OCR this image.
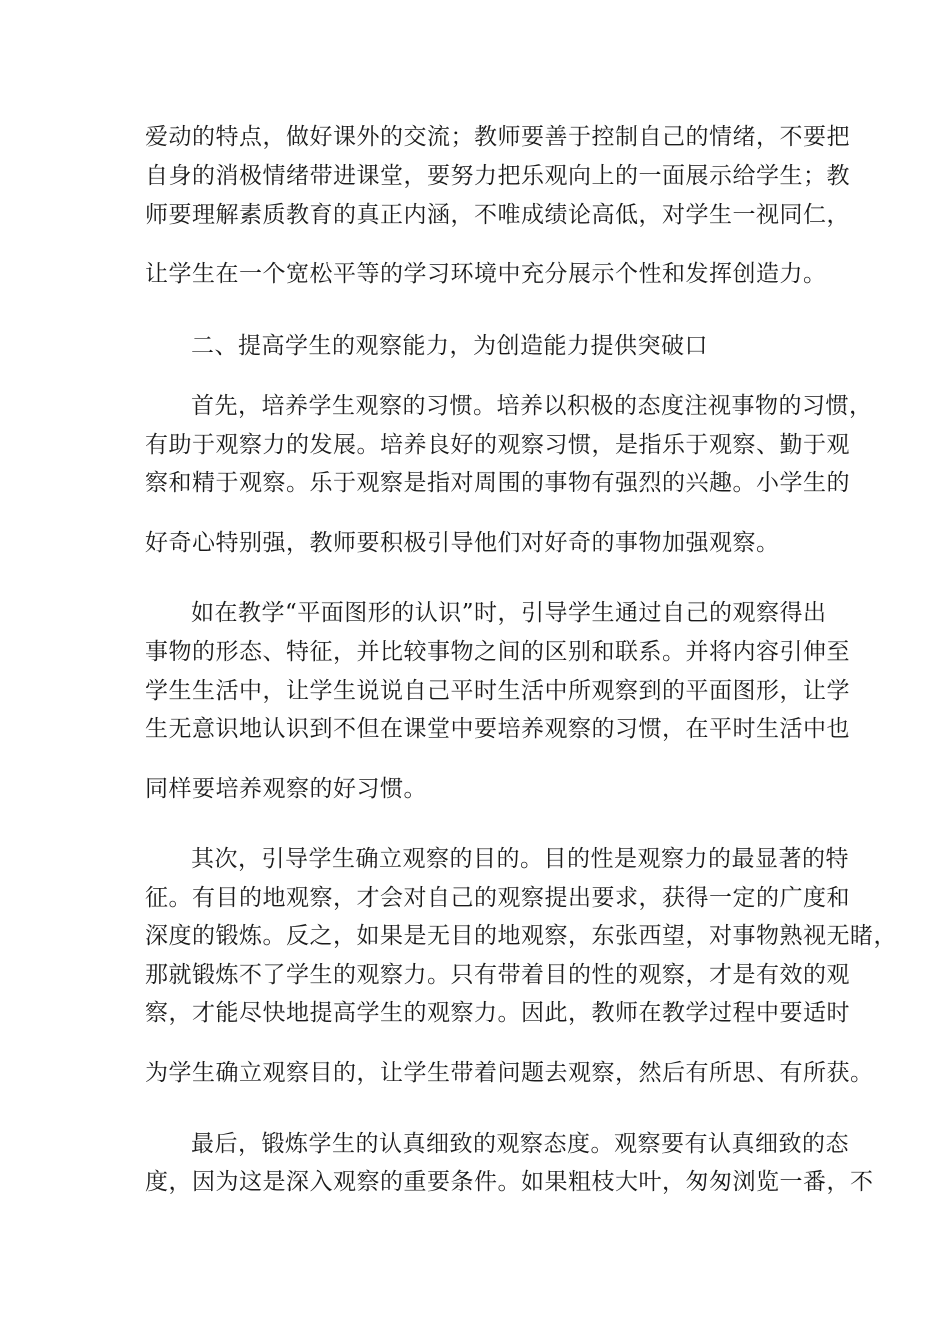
爱动的特点，做好课外的交流；教师要善于控制自己的情绪，不要把
自身的消极情绪带进课堂，要努力把乐观向上的一面展示给学生；教
师要理解素质教育的真正内涵，不唯成绩论高低，对学生一视同仁，
让学生在一个宽松平等的学习环境中充分展示个性和发挥创造力。
二、提高学生的观察能力，为创造能力提供突破口
首先，培养学生观察的习惯。培养以积极的态度注视事物的习惯，
有助于观察力的发展。培养良好的观察习惯，是指乐于观察、勤于观
察和精于观察。乐于观察是指对周围的事物有强烈的兴趣。小学生的
好奇心特别强，教师要积极引导他们对好奇的事物加强观察。
如在教学“平面图形的认识”时，引导学生通过自己的观察得出
事物的形态、特征，并比较事物之间的区别和联系。并将内容引伸至
学生生活中，让学生说说自己平时生活中所观察到的平面图形，让学
生无意识地认识到不但在课堂中要培养观察的习惯，在平时生活中也
同样要培养观察的好习惯。
其次，引导学生确立观察的目的。目的性是观察力的最显著的特
征。有目的地观察，才会对自己的观察提出要求，获得一定的广度和
深度的锻炼。反之，如果是无目的地观察，东张西望，对事物熟视无睹，
那就锻炼不了学生的观察力。只有带着目的性的观察，才是有效的观
察，才能尽快地提高学生的观察力。因此，教师在教学过程中要适时
为学生确立观察目的，让学生带着问题去观察，然后有所思、有所获。
最后，锻炼学生的认真细致的观察态度。观察要有认真细致的态
度，因为这是深入观察的重要条件。如果粗枝大叶，匆匆浏览一番，不
